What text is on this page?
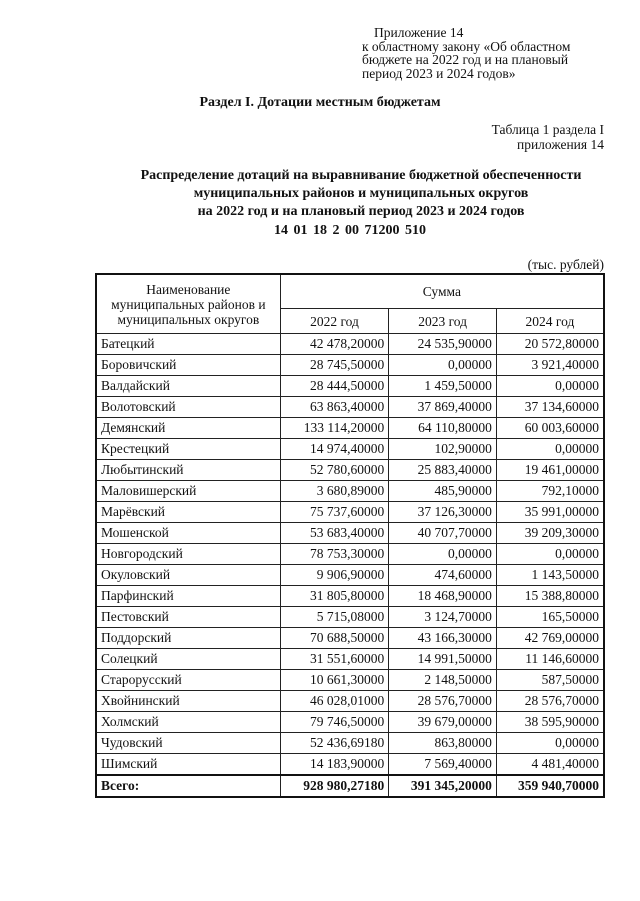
Приложение 14
к областному закону «Об областном
бюджете на 2022 год и на плановый
период 2023 и 2024 годов»
Раздел I. Дотации местным бюджетам
Таблица 1 раздела I
приложения 14
Распределение дотаций на выравнивание бюджетной обеспеченности
муниципальных районов и муниципальных округов
на 2022 год и на плановый период 2023 и 2024 годов
14 01 18 2 00 71200 510
(тыс. рублей)
Наименование муниципальных районов и муниципальных округов	Сумма		
	2022 год	2023 год	2024 год
Батецкий	42 478,20000	24 535,90000	20 572,80000
Боровичский	28 745,50000	0,00000	3 921,40000
Валдайский	28 444,50000	1 459,50000	0,00000
Волотовский	63 863,40000	37 869,40000	37 134,60000
Демянский	133 114,20000	64 110,80000	60 003,60000
Крестецкий	14 974,40000	102,90000	0,00000
Любытинский	52 780,60000	25 883,40000	19 461,00000
Маловишерский	3 680,89000	485,90000	792,10000
Марёвский	75 737,60000	37 126,30000	35 991,00000
Мошенской	53 683,40000	40 707,70000	39 209,30000
Новгородский	78 753,30000	0,00000	0,00000
Окуловский	9 906,90000	474,60000	1 143,50000
Парфинский	31 805,80000	18 468,90000	15 388,80000
Пестовский	5 715,08000	3 124,70000	165,50000
Поддорский	70 688,50000	43 166,30000	42 769,00000
Солецкий	31 551,60000	14 991,50000	11 146,60000
Старорусский	10 661,30000	2 148,50000	587,50000
Хвойнинский	46 028,01000	28 576,70000	28 576,70000
Холмский	79 746,50000	39 679,00000	38 595,90000
Чудовский	52 436,69180	863,80000	0,00000
Шимский	14 183,90000	7 569,40000	4 481,40000
Всего:	928 980,27180	391 345,20000	359 940,70000
